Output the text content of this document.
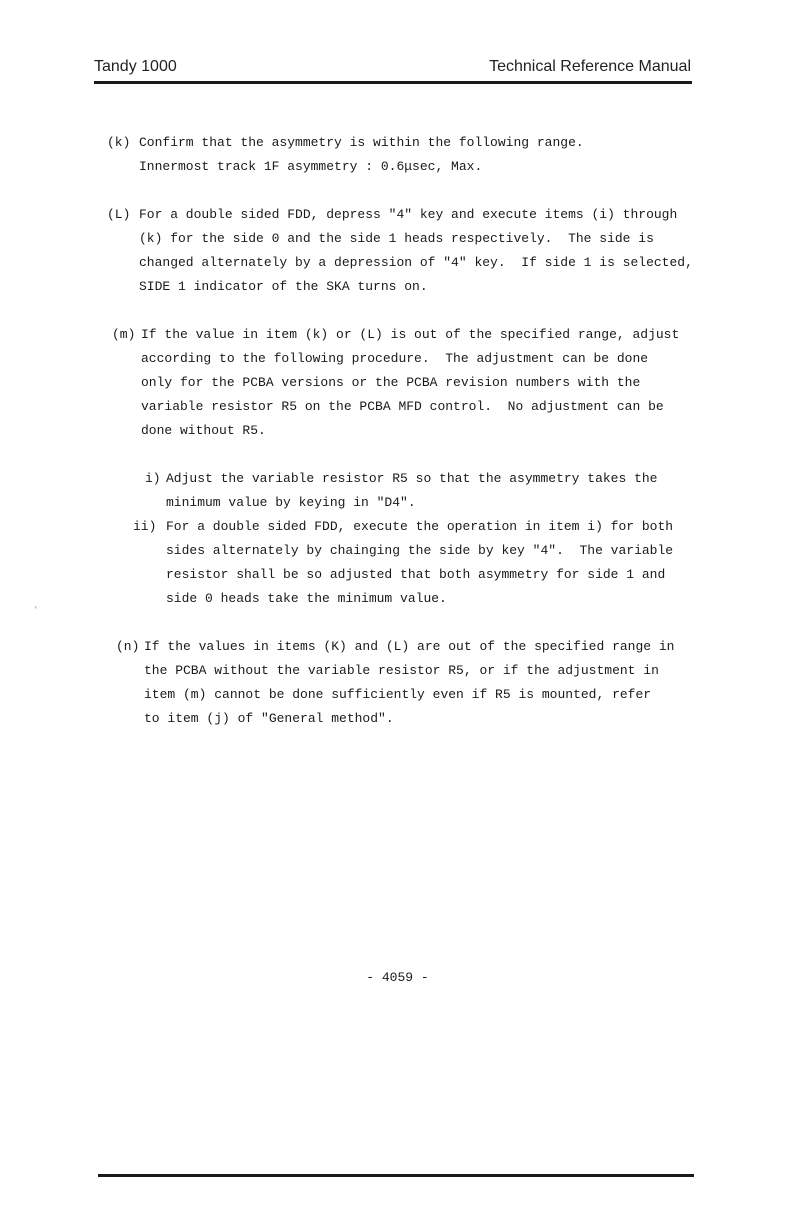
Tandy 1000	Technical Reference Manual
(k) Confirm that the asymmetry is within the following range.
Innermost track 1F asymmetry : 0.6μsec, Max.
(L) For a double sided FDD, depress "4" key and execute items (i) through
(k) for the side 0 and the side 1 heads respectively.  The side is
changed alternately by a depression of "4" key.  If side 1 is selected,
SIDE 1 indicator of the SKA turns on.
(m) If the value in item (k) or (L) is out of the specified range, adjust
according to the following procedure.  The adjustment can be done
only for the PCBA versions or the PCBA revision numbers with the
variable resistor R5 on the PCBA MFD control.  No adjustment can be
done without R5.
i) Adjust the variable resistor R5 so that the asymmetry takes the
minimum value by keying in "D4".
ii) For a double sided FDD, execute the operation in item i) for both
sides alternately by chainging the side by key "4".  The variable
resistor shall be so adjusted that both asymmetry for side 1 and
side 0 heads take the minimum value.
‘
(n) If the values in items (K) and (L) are out of the specified range in
the PCBA without the variable resistor R5, or if the adjustment in
item (m) cannot be done sufficiently even if R5 is mounted, refer
to item (j) of "General method".
- 4059 -
